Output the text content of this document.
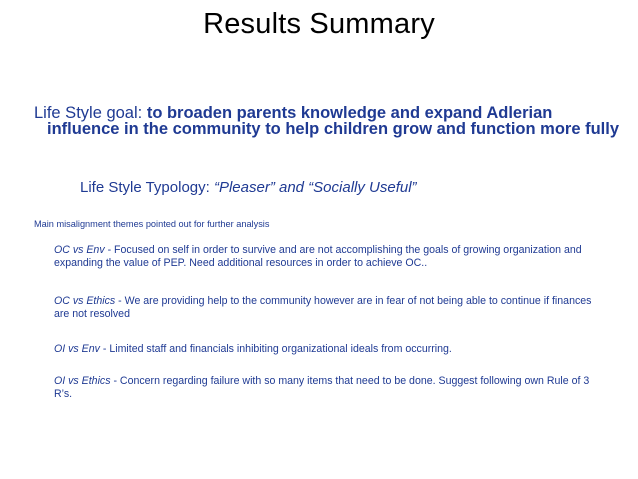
Results Summary
Life Style goal: to broaden parents knowledge and expand Adlerian influence in the community to help children grow and function more fully
Life Style Typology: “Pleaser” and “Socially Useful”
Main misalignment themes pointed out for further analysis
OC vs Env - Focused on self in order to survive and are not accomplishing the goals of growing organization and expanding the value of PEP. Need additional resources in order to achieve OC..
OC vs Ethics - We are providing help to the community however are in fear of not being able to continue if finances are not resolved
OI vs Env - Limited staff and financials inhibiting organizational ideals from occurring.
OI vs Ethics - Concern regarding failure with so many items that need to be done. Suggest following own Rule of 3 R’s.
